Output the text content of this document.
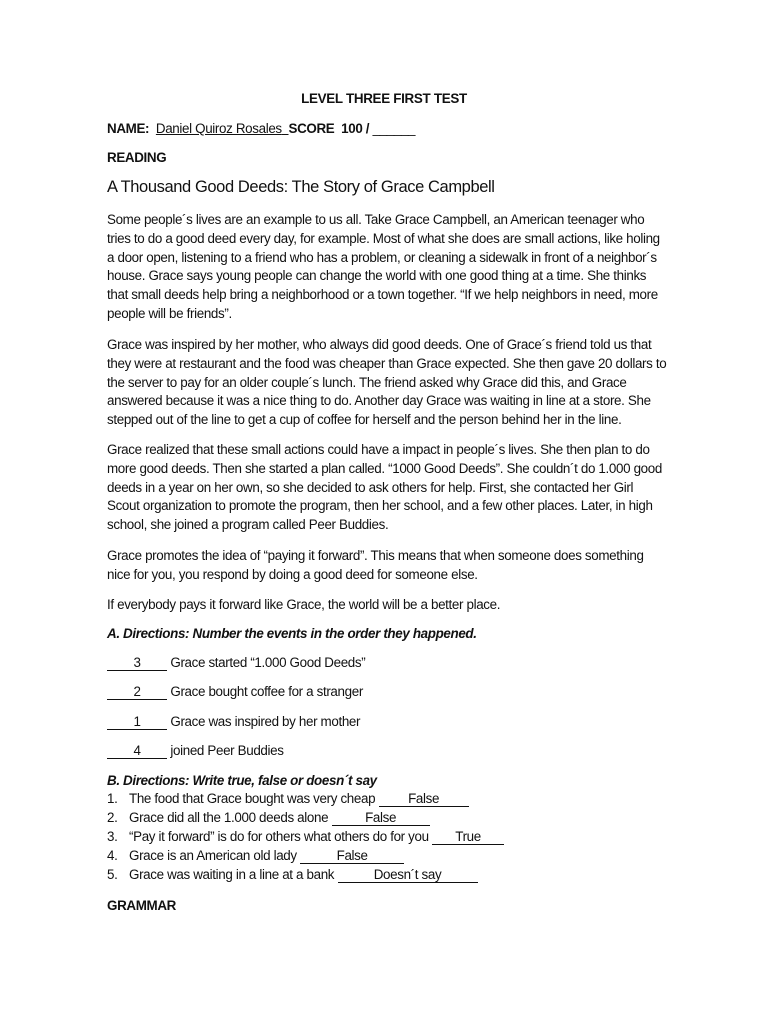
LEVEL THREE FIRST TEST
NAME: Daniel Quiroz Rosales SCORE 100 / ______
READING
A Thousand Good Deeds: The Story of Grace Campbell
Some people´s lives are an example to us all. Take Grace Campbell, an American teenager who tries to do a good deed every day, for example. Most of what she does are small actions, like holing a door open, listening to a friend who has a problem, or cleaning a sidewalk in front of a neighbor´s house. Grace says young people can change the world with one good thing at a time. She thinks that small deeds help bring a neighborhood or a town together. “If we help neighbors in need, more people will be friends”.
Grace was inspired by her mother, who always did good deeds. One of Grace´s friend told us that they were at restaurant and the food was cheaper than Grace expected. She then gave 20 dollars to the server to pay for an older couple´s lunch. The friend asked why Grace did this, and Grace answered because it was a nice thing to do. Another day Grace was waiting in line at a store. She stepped out of the line to get a cup of coffee for herself and the person behind her in the line.
Grace realized that these small actions could have a impact in people´s lives. She then plan to do more good deeds. Then she started a plan called. “1000 Good Deeds”. She couldn´t do 1.000 good deeds in a year on her own, so she decided to ask others for help. First, she contacted her Girl Scout organization to promote the program, then her school, and a few other places. Later, in high school, she joined a program called Peer Buddies.
Grace promotes the idea of “paying it forward”. This means that when someone does something nice for you, you respond by doing a good deed for someone else.
If everybody pays it forward like Grace, the world will be a better place.
A. Directions: Number the events in the order they happened.
3 Grace started “1.000 Good Deeds”
2 Grace bought coffee for a stranger
1 Grace was inspired by her mother
4 joined Peer Buddies
B. Directions: Write true, false or doesn´t say
1. The food that Grace bought was very cheap False
2. Grace did all the 1.000 deeds alone	False
3. “Pay it forward” is do for others what others do for you True
4. Grace is an American old lady	False
5. Grace was waiting in a line at a bank	Doesn´t say
GRAMMAR
